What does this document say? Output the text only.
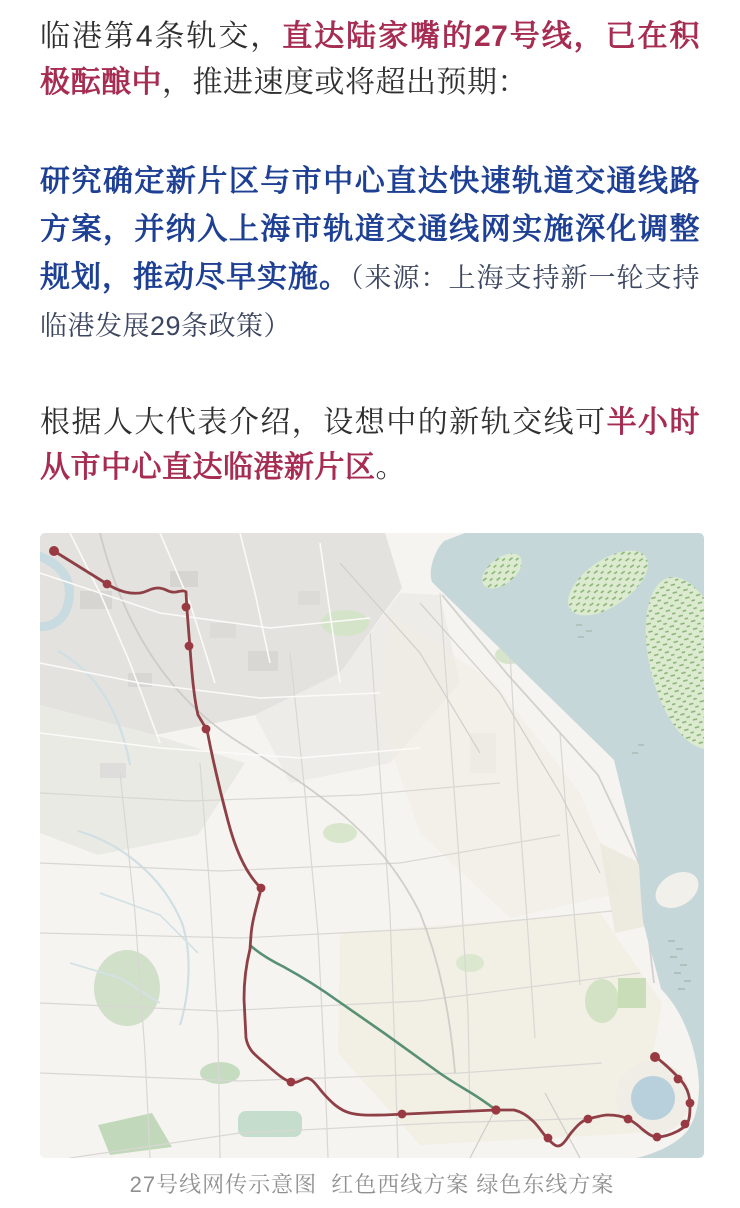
临港第4条轨交，直达陆家嘴的27号线，已在积极酝酿中，推进速度或将超出预期：

研究确定新片区与市中心直达快速轨道交通线路方案，并纳入上海市轨道交通线网实施深化调整规划，推动尽早实施。（来源：上海支持新一轮支持临港发展29条政策）

根据人大代表介绍，设想中的新轨交线可半小时从市中心直达临港新片区。

27号线网传示意图  红色西线方案 绿色东线方案
